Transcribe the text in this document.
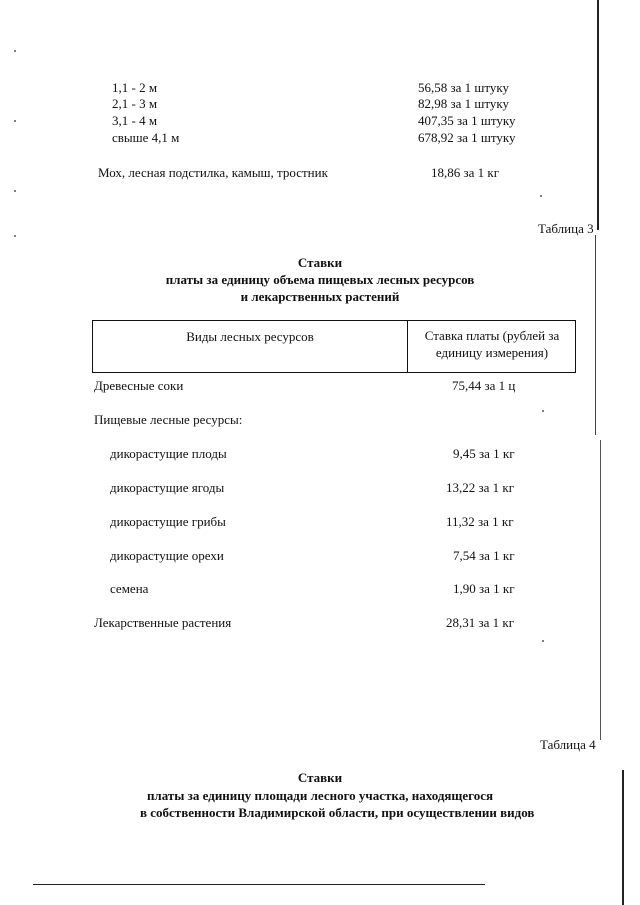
1,1 - 2 м	56,58 за 1 штуку
2,1 - 3 м	82,98 за 1 штуку
3,1 - 4 м	407,35 за 1 штуку
свыше 4,1 м	678,92 за 1 штуку
Мох, лесная подстилка, камыш, тростник	18,86 за 1 кг
Таблица 3
Ставки
платы за единицу объема пищевых лесных ресурсов
и лекарственных растений
Виды лесных ресурсов	Ставка платы (рублей за единицу измерения)
Древесные соки	75,44 за 1 ц
Пищевые лесные ресурсы:
дикорастущие плоды	9,45 за 1 кг
дикорастущие ягоды	13,22 за 1 кг
дикорастущие грибы	11,32 за 1 кг
дикорастущие орехи	7,54 за 1 кг
семена	1,90 за 1 кг
Лекарственные растения	28,31 за 1 кг
Таблица 4
Ставки
платы за единицу площади лесного участка, находящегося
в собственности Владимирской области, при осуществлении видов
